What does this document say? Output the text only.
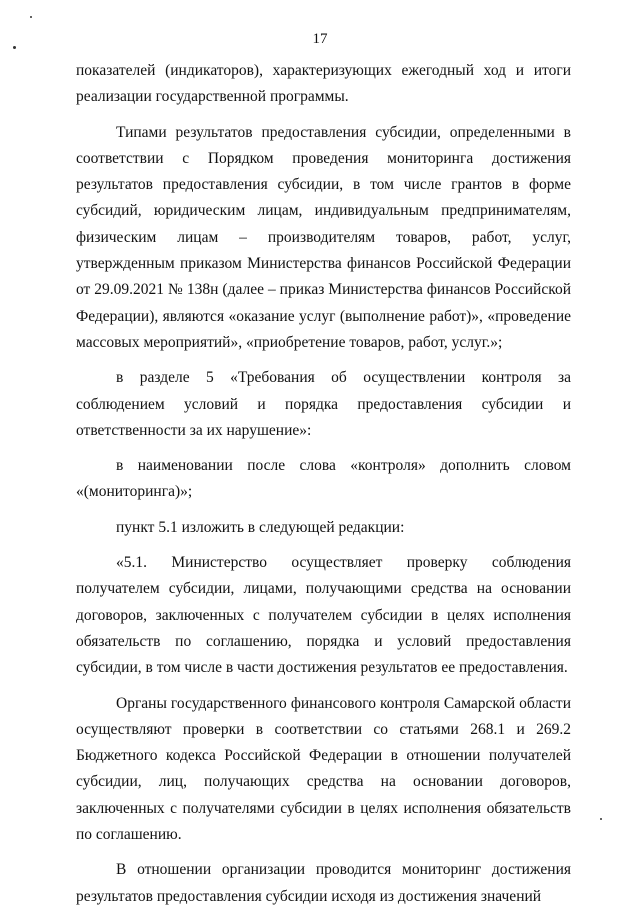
17

показателей (индикаторов), характеризующих ежегодный ход и итоги реализации государственной программы.

Типами результатов предоставления субсидии, определенными в соответствии с Порядком проведения мониторинга достижения результатов предоставления субсидии, в том числе грантов в форме субсидий, юридическим лицам, индивидуальным предпринимателям, физическим лицам – производителям товаров, работ, услуг, утвержденным приказом Министерства финансов Российской Федерации от 29.09.2021 № 138н (далее – приказ Министерства финансов Российской Федерации), являются «оказание услуг (выполнение работ)», «проведение массовых мероприятий», «приобретение товаров, работ, услуг.»;

в разделе 5 «Требования об осуществлении контроля за соблюдением условий и порядка предоставления субсидии и ответственности за их нарушение»:

в наименовании после слова «контроля» дополнить словом «(мониторинга)»;

пункт 5.1 изложить в следующей редакции:

«5.1. Министерство осуществляет проверку соблюдения получателем субсидии, лицами, получающими средства на основании договоров, заключенных с получателем субсидии в целях исполнения обязательств по соглашению, порядка и условий предоставления субсидии, в том числе в части достижения результатов ее предоставления.

Органы государственного финансового контроля Самарской области осуществляют проверки в соответствии со статьями 268.1 и 269.2 Бюджетного кодекса Российской Федерации в отношении получателей субсидии, лиц, получающих средства на основании договоров, заключенных с получателями субсидии в целях исполнения обязательств по соглашению.

В отношении организации проводится мониторинг достижения результатов предоставления субсидии исходя из достижения значений
